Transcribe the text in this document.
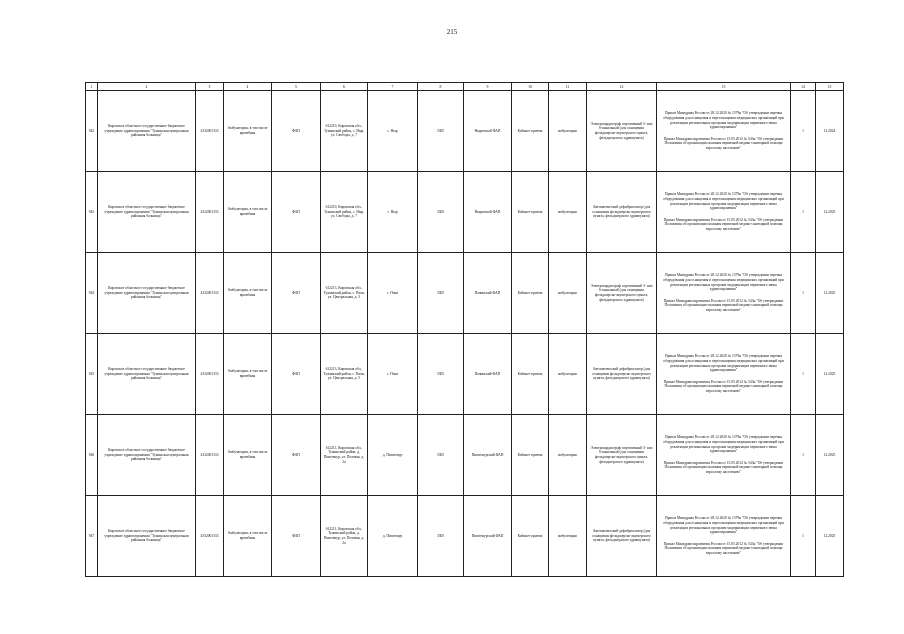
215
1	2	3	4	5	6	7	8	9	10	11	12	13	14	15
942	Кировское областное государственное бюджетное учреждение здравоохранения "Тужинская центральная районная больница"	4332001333	Амбулатория, в том числе врачебная	ФАП	612210, Кировская обл., Тужинский район, с. Ныр, ул. Свободы, д. 7	с. Ныр	3305	Ныровской ФАП	Кабинет приема	амбулаторно	Электрокардиограф портативный 3- или 6-канальный (для оснащения фельдшерско-акушерского пункта, фельдшерского здравпункта)	Приказ Минздрава России от 28.12.2020 № 1379н "Об утверждении перечня оборудования для оснащения и переоснащения медицинских организаций при реализации региональных программ модернизации первичного звена здравоохранения"
Приказ Минздравсоцразвития России от 15.05.2012 № 543н "Об утверждении Положения об организации оказания первичной медико-санитарной помощи взрослому населению"	1	12.2024
943	Кировское областное государственное бюджетное учреждение здравоохранения "Тужинская центральная районная больница"	4332001333	Амбулатория, в том числе врачебная	ФАП	612210, Кировская обл., Тужинский район, с. Ныр, ул. Свободы, д. 7	с. Ныр	3305	Ныровской ФАП	Кабинет приема	амбулаторно	Автоматический дефибриллятор (для оснащения фельдшерско-акушерского пункта, фельдшерского здравпункта)	Приказ Минздрава России от 28.12.2020 № 1379н "Об утверждении перечня оборудования для оснащения и переоснащения медицинских организаций при реализации региональных программ модернизации первичного звена здравоохранения"
Приказ Минздравсоцразвития России от 15.05.2012 № 543н "Об утверждении Положения об организации оказания первичной медико-санитарной помощи взрослому населению"	1	12.2025
944	Кировское областное государственное бюджетное учреждение здравоохранения "Тужинская центральная районная больница"	4332001333	Амбулатория, в том числе врачебная	ФАП	612213, Кировская обл., Тужинский район, с. Пачи, ул. Центральная, д. 5	с. Пачи	3305	Пачинский ФАП	Кабинет приема	амбулаторно	Электрокардиограф портативный 3- или 6-канальный (для оснащения фельдшерско-акушерского пункта, фельдшерского здравпункта)	Приказ Минздрава России от 28.12.2020 № 1379н "Об утверждении перечня оборудования для оснащения и переоснащения медицинских организаций при реализации региональных программ модернизации первичного звена здравоохранения"
Приказ Минздравсоцразвития России от 15.05.2012 № 543н "Об утверждении Положения об организации оказания первичной медико-санитарной помощи взрослому населению"	1	12.2025
945	Кировское областное государственное бюджетное учреждение здравоохранения "Тужинская центральная районная больница"	4332001333	Амбулатория, в том числе врачебная	ФАП	612213, Кировская обл., Тужинский район, с. Пачи, ул. Центральная, д. 5	с. Пачи	3305	Пачинский ФАП	Кабинет приема	амбулаторно	Автоматический дефибриллятор (для оснащения фельдшерско-акушерского пункта, фельдшерского здравпункта)	Приказ Минздрава России от 28.12.2020 № 1379н "Об утверждении перечня оборудования для оснащения и переоснащения медицинских организаций при реализации региональных программ модернизации первичного звена здравоохранения"
Приказ Минздравсоцразвития России от 15.05.2012 № 543н "Об утверждении Положения об организации оказания первичной медико-санитарной помощи взрослому населению"	1	12.2025
946	Кировское областное государственное бюджетное учреждение здравоохранения "Тужинская центральная районная больница"	4332001333	Амбулатория, в том числе врачебная	ФАП	612211, Кировская обл., Тужинский район, д. Пиштенур, ул. Полевая, д. 2а	д. Пиштенур	3305	Пиштенурский ФАП	Кабинет приема	амбулаторно	Электрокардиограф портативный 3- или 6-канальный (для оснащения фельдшерско-акушерского пункта, фельдшерского здравпункта)	Приказ Минздрава России от 28.12.2020 № 1379н "Об утверждении перечня оборудования для оснащения и переоснащения медицинских организаций при реализации региональных программ модернизации первичного звена здравоохранения"
Приказ Минздравсоцразвития России от 15.05.2012 № 543н "Об утверждении Положения об организации оказания первичной медико-санитарной помощи взрослому населению"	1	12.2025
947	Кировское областное государственное бюджетное учреждение здравоохранения "Тужинская центральная районная больница"	4332001333	Амбулатория, в том числе врачебная	ФАП	612211, Кировская обл., Тужинский район, д. Пиштенур, ул. Полевая, д. 2а	д. Пиштенур	3305	Пиштенурский ФАП	Кабинет приема	амбулаторно	Автоматический дефибриллятор (для оснащения фельдшерско-акушерского пункта, фельдшерского здравпункта)	Приказ Минздрава России от 28.12.2020 № 1379н "Об утверждении перечня оборудования для оснащения и переоснащения медицинских организаций при реализации региональных программ модернизации первичного звена здравоохранения"
Приказ Минздравсоцразвития России от 15.05.2012 № 543н "Об утверждении Положения об организации оказания первичной медико-санитарной помощи взрослому населению"	1	12.2025
